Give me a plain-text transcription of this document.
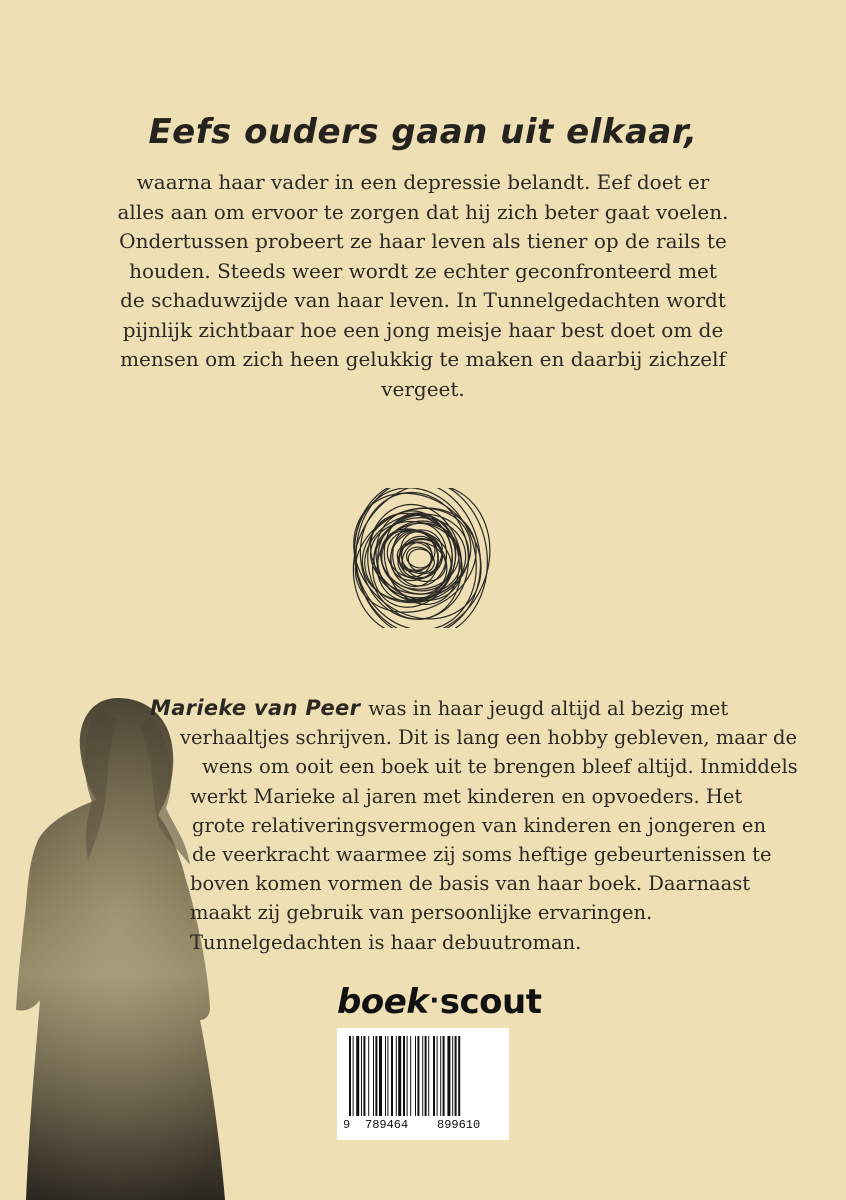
Eefs ouders gaan uit elkaar,
waarna haar vader in een depressie belandt. Eef doet er
alles aan om ervoor te zorgen dat hij zich beter gaat voelen.
Ondertussen probeert ze haar leven als tiener op de rails te
houden. Steeds weer wordt ze echter geconfronteerd met
de schaduwzijde van haar leven. In Tunnelgedachten wordt
pijnlijk zichtbaar hoe een jong meisje haar best doet om de
mensen om zich heen gelukkig te maken en daarbij zichzelf
vergeet.
Marieke van Peer was in haar jeugd altijd al bezig met
verhaaltjes schrijven. Dit is lang een hobby gebleven, maar de
wens om ooit een boek uit te brengen bleef altijd. Inmiddels
werkt Marieke al jaren met kinderen en opvoeders. Het
grote relativeringsvermogen van kinderen en jongeren en
de veerkracht waarmee zij soms heftige gebeurtenissen te
boven komen vormen de basis van haar boek. Daarnaast
maakt zij gebruik van persoonlijke ervaringen.
Tunnelgedachten is haar debuutroman.
boek·scout
9 789464 899610
